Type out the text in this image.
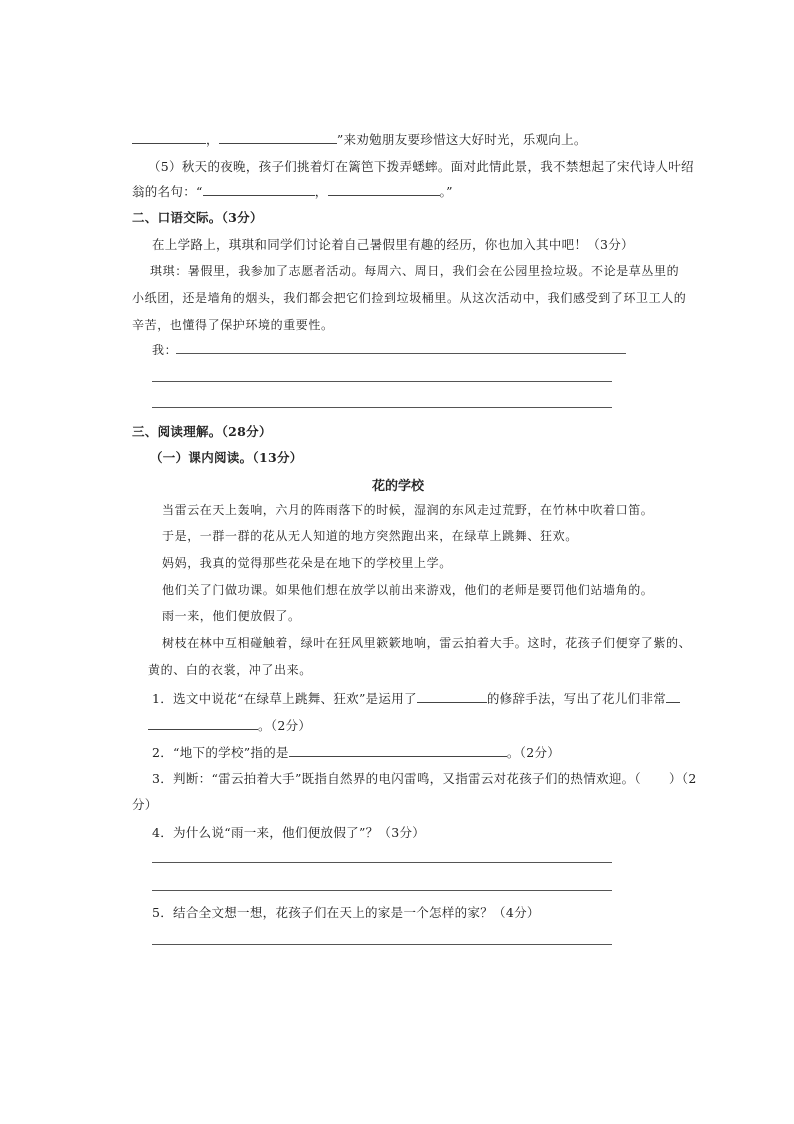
，	”来劝勉朋友要珍惜这大好时光，乐观向上。
（5）秋天的夜晚，孩子们挑着灯在篱笆下拨弄蟋蟀。面对此情此景，我不禁想起了宋代诗人叶绍
翁的名句：“	，	。”
二、口语交际。（3分）
在上学路上，琪琪和同学们讨论着自己暑假里有趣的经历，你也加入其中吧！（3分）
琪琪：暑假里，我参加了志愿者活动。每周六、周日，我们会在公园里捡垃圾。不论是草丛里的
小纸团，还是墙角的烟头，我们都会把它们捡到垃圾桶里。从这次活动中，我们感受到了环卫工人的
辛苦，也懂得了保护环境的重要性。
我：
三、阅读理解。（28分）
（一）课内阅读。（13分）
花的学校
当雷云在天上轰响，六月的阵雨落下的时候，湿润的东风走过荒野，在竹林中吹着口笛。
于是，一群一群的花从无人知道的地方突然跑出来，在绿草上跳舞、狂欢。
妈妈，我真的觉得那些花朵是在地下的学校里上学。
他们关了门做功课。如果他们想在放学以前出来游戏，他们的老师是要罚他们站墙角的。
雨一来，他们便放假了。
树枝在林中互相碰触着，绿叶在狂风里簌簌地响，雷云拍着大手。这时，花孩子们便穿了紫的、
黄的、白的衣裳，冲了出来。
1．选文中说花“在绿草上跳舞、狂欢”是运用了	的修辞手法，写出了花儿们非常
。（2分）
2．“地下的学校”指的是	。（2分）
3．判断：“雷云拍着大手”既指自然界的电闪雷鸣，又指雷云对花孩子们的热情欢迎。（ ）（2
分）
4．为什么说“雨一来，他们便放假了”？（3分）
5．结合全文想一想，花孩子们在天上的家是一个怎样的家？（4分）
